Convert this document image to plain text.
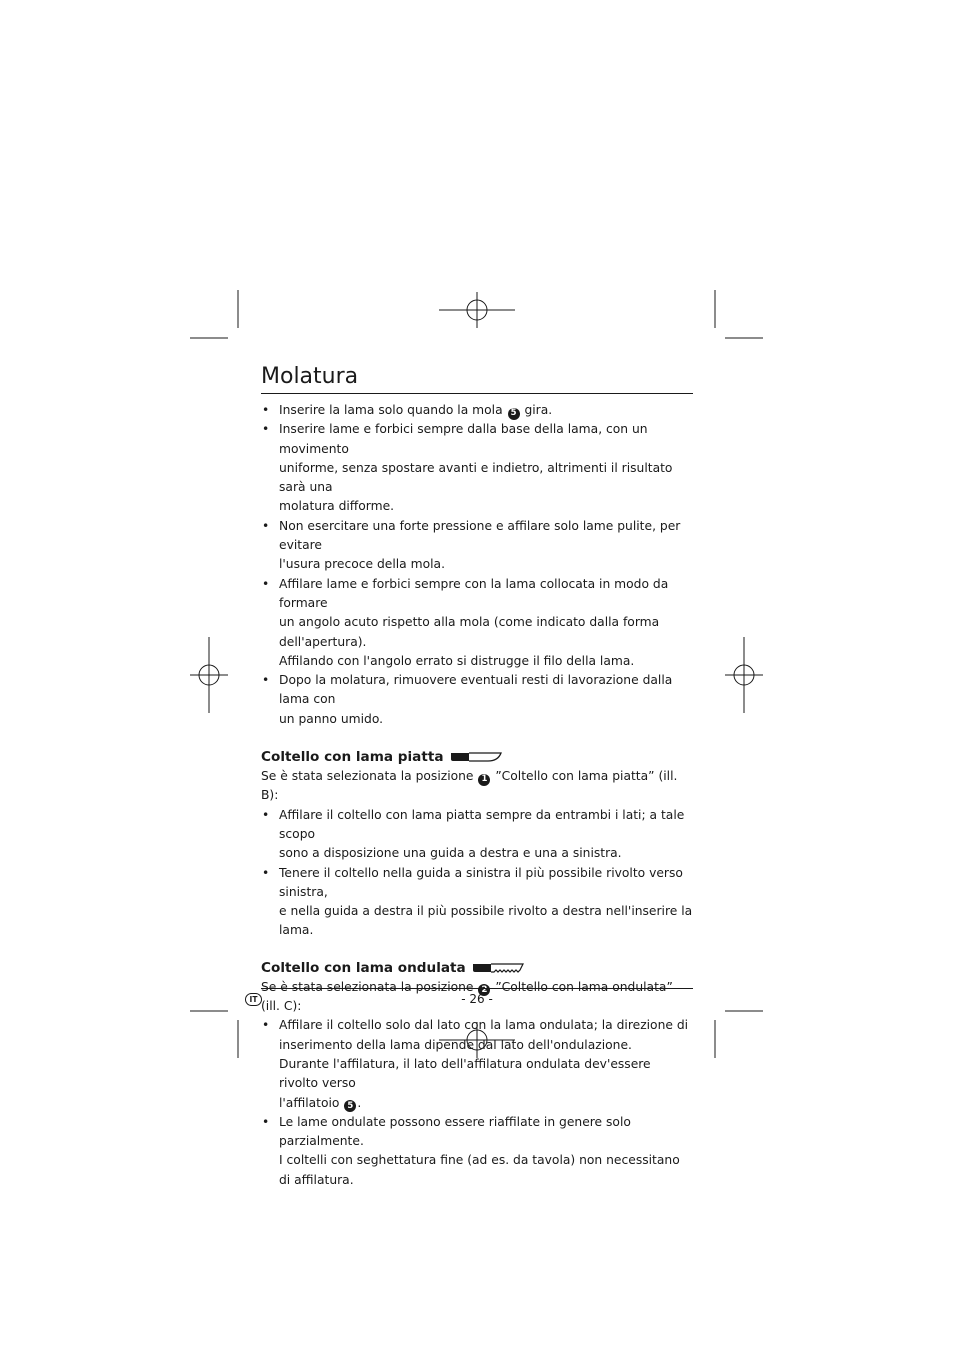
Molatura
• Inserire la lama solo quando la mola 5 gira.
• Inserire lame e forbici sempre dalla base della lama, con un movimento
uniforme, senza spostare avanti e indietro, altrimenti il risultato sarà una
molatura difforme.
• Non esercitare una forte pressione e affilare solo lame pulite, per evitare
l'usura precoce della mola.
• Affilare lame e forbici sempre con la lama collocata in modo da formare
un angolo acuto rispetto alla mola (come indicato dalla forma dell'apertura).
Affilando con l'angolo errato si distrugge il filo della lama.
• Dopo la molatura, rimuovere eventuali resti di lavorazione dalla lama con
un panno umido.
Coltello con lama piatta

Se è stata selezionata la posizione 1 ”Coltello con lama piatta” (ill. B):

• Affilare il coltello con lama piatta sempre da entrambi i lati; a tale scopo
sono a disposizione una guida a destra e una a sinistra.
• Tenere il coltello nella guida a sinistra il più possibile rivolto verso sinistra,
e nella guida a destra il più possibile rivolto a destra nell'inserire la lama.
Coltello con lama ondulata

Se è stata selezionata la posizione 2 ”Coltello con lama ondulata” (ill. C):

• Affilare il coltello solo dal lato con la lama ondulata; la direzione di
inserimento della lama dipende dal lato dell'ondulazione.
Durante l'affilatura, il lato dell'affilatura ondulata dev'essere rivolto verso
l'affilatoio 5 .
• Le lame ondulate possono essere riaffilate in genere solo parzialmente.
I coltelli con seghettatura fine (ad es. da tavola) non necessitano di affilatura.
IT	- 26 -
